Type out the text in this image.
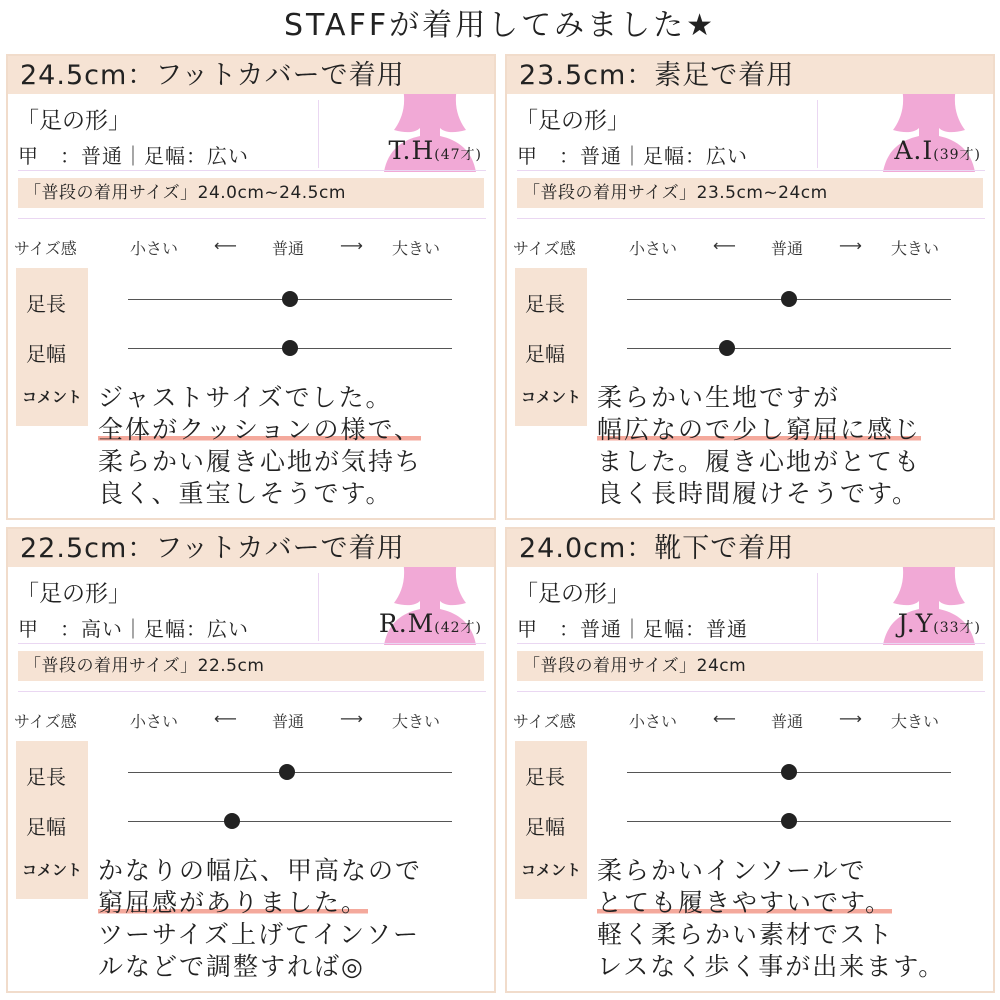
STAFFが着用してみました★
24.5cm：フットカバーで着用
「足の形」
甲　：普通｜足幅：広い	T.H(47才)
「普段の着用サイズ」24.0cm~24.5cm
サイズ感	小さい ⟵ 普通 ⟶ 大きい
足長
足幅
コメント ジャストサイズでした。
全体がクッションの様で、
柔らかい履き心地が気持ち
良く、重宝しそうです。
23.5cm：素足で着用
「足の形」
甲　：普通｜足幅：広い	A.I(39才)
「普段の着用サイズ」23.5cm~24cm
サイズ感	小さい ⟵ 普通 ⟶ 大きい
足長
足幅
コメント 柔らかい生地ですが
幅広なので少し窮屈に感じ
ました。履き心地がとても
良く長時間履けそうです。
22.5cm：フットカバーで着用
「足の形」
甲　：高い｜足幅：広い	R.M(42才)
「普段の着用サイズ」22.5cm
サイズ感	小さい ⟵ 普通 ⟶ 大きい
足長
足幅
コメント かなりの幅広、甲高なので
窮屈感がありました。
ツーサイズ上げてインソー
ルなどで調整すれば◎
24.0cm：靴下で着用
「足の形」
甲　：普通｜足幅：普通	J.Y(33才)
「普段の着用サイズ」24cm
サイズ感	小さい ⟵ 普通 ⟶ 大きい
足長
足幅
コメント 柔らかいインソールで
とても履きやすいです。
軽く柔らかい素材でスト
レスなく歩く事が出来ます。
